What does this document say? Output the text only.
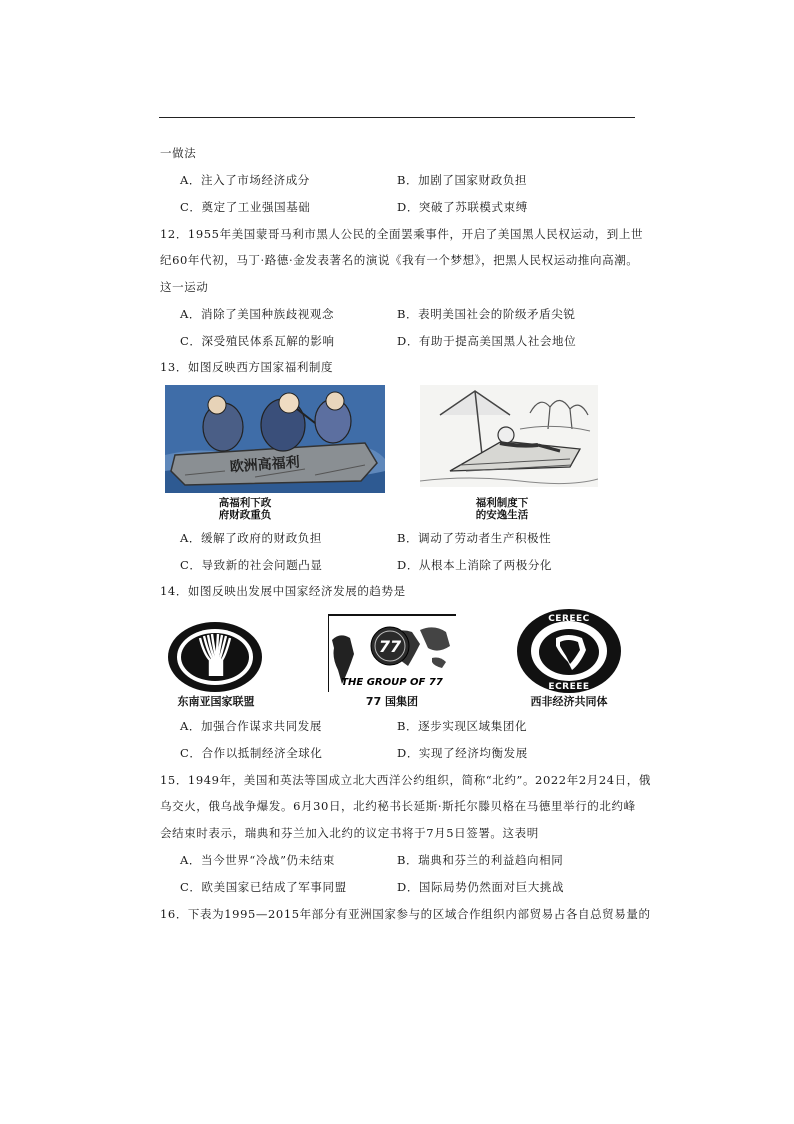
一做法
A．注入了市场经济成分	B．加剧了国家财政负担
C．奠定了工业强国基础	D．突破了苏联模式束缚
12．1955年美国蒙哥马利市黑人公民的全面罢乘事件，开启了美国黑人民权运动，到上世
纪60年代初，马丁·路德·金发表著名的演说《我有一个梦想》，把黑人民权运动推向高潮。
这一运动
A．消除了美国种族歧视观念	B．表明美国社会的阶级矛盾尖锐
C．深受殖民体系瓦解的影响	D．有助于提高美国黑人社会地位
13．如图反映西方国家福利制度
欧洲高福利
高福利下政
府财政重负
福利制度下
的安逸生活
A．缓解了政府的财政负担	B．调动了劳动者生产积极性
C．导致新的社会问题凸显	D．从根本上消除了两极分化
14．如图反映出发展中国家经济发展的趋势是
东南亚国家联盟
77
THE GROUP OF 77
77 国集团
CEREEC
ECREEE
西非经济共同体
A．加强合作谋求共同发展	B．逐步实现区域集团化
C．合作以抵制经济全球化	D．实现了经济均衡发展
15．1949年，美国和英法等国成立北大西洋公约组织，简称“北约”。2022年2月24日，俄
乌交火，俄乌战争爆发。6月30日，北约秘书长延斯·斯托尔滕贝格在马德里举行的北约峰
会结束时表示，瑞典和芬兰加入北约的议定书将于7月5日签署。这表明
A．当今世界“冷战”仍未结束	B．瑞典和芬兰的利益趋向相同
C．欧美国家已结成了军事同盟	D．国际局势仍然面对巨大挑战
16．下表为1995—2015年部分有亚洲国家参与的区域合作组织内部贸易占各自总贸易量的
